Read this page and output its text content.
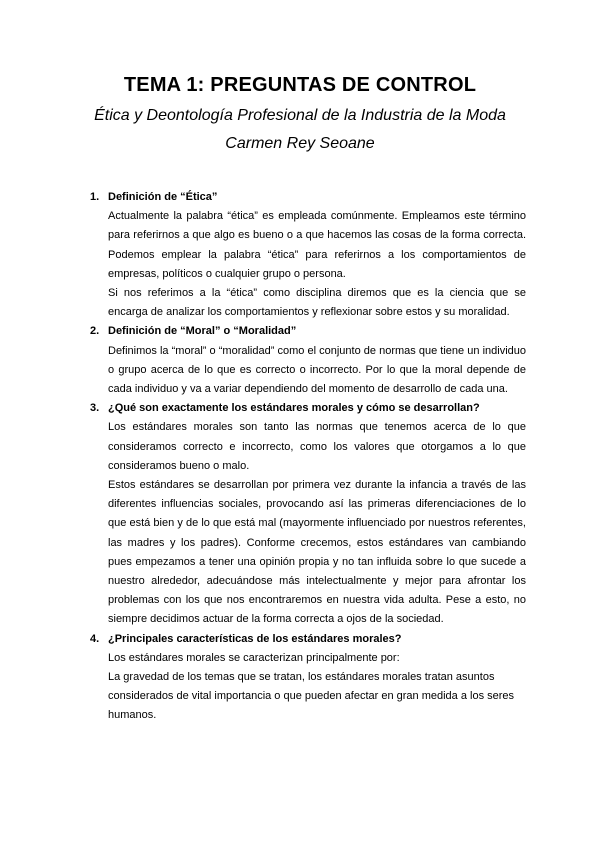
TEMA 1: PREGUNTAS DE CONTROL

Ética y Deontología Profesional de la Industria de la Moda

Carmen Rey Seoane

1. Definición de “Ética”

Actualmente la palabra “ética” es empleada comúnmente. Empleamos este término para referirnos a que algo es bueno o a que hacemos las cosas de la forma correcta. Podemos emplear la palabra “ética” para referirnos a los comportamientos de empresas, políticos o cualquier grupo o persona.

Si nos referimos a la “ética” como disciplina diremos que es la ciencia que se encarga de analizar los comportamientos y reflexionar sobre estos y su moralidad.

2. Definición de “Moral” o “Moralidad”

Definimos la “moral” o “moralidad” como el conjunto de normas que tiene un individuo o grupo acerca de lo que es correcto o incorrecto. Por lo que la moral depende de cada individuo y va a variar dependiendo del momento de desarrollo de cada una.

3. ¿Qué son exactamente los estándares morales y cómo se desarrollan?

Los estándares morales son tanto las normas que tenemos acerca de lo que consideramos correcto e incorrecto, como los valores que otorgamos a lo que consideramos bueno o malo.

Estos estándares se desarrollan por primera vez durante la infancia a través de las diferentes influencias sociales, provocando así las primeras diferenciaciones de lo que está bien y de lo que está mal (mayormente influenciado por nuestros referentes, las madres y los padres). Conforme crecemos, estos estándares van cambiando pues empezamos a tener una opinión propia y no tan influida sobre lo que sucede a nuestro alrededor, adecuándose más intelectualmente y mejor para afrontar los problemas con los que nos encontraremos en nuestra vida adulta. Pese a esto, no siempre decidimos actuar de la forma correcta a ojos de la sociedad.

4. ¿Principales características de los estándares morales?

Los estándares morales se caracterizan principalmente por:

La gravedad de los temas que se tratan, los estándares morales tratan asuntos considerados de vital importancia o que pueden afectar en gran medida a los seres humanos.
